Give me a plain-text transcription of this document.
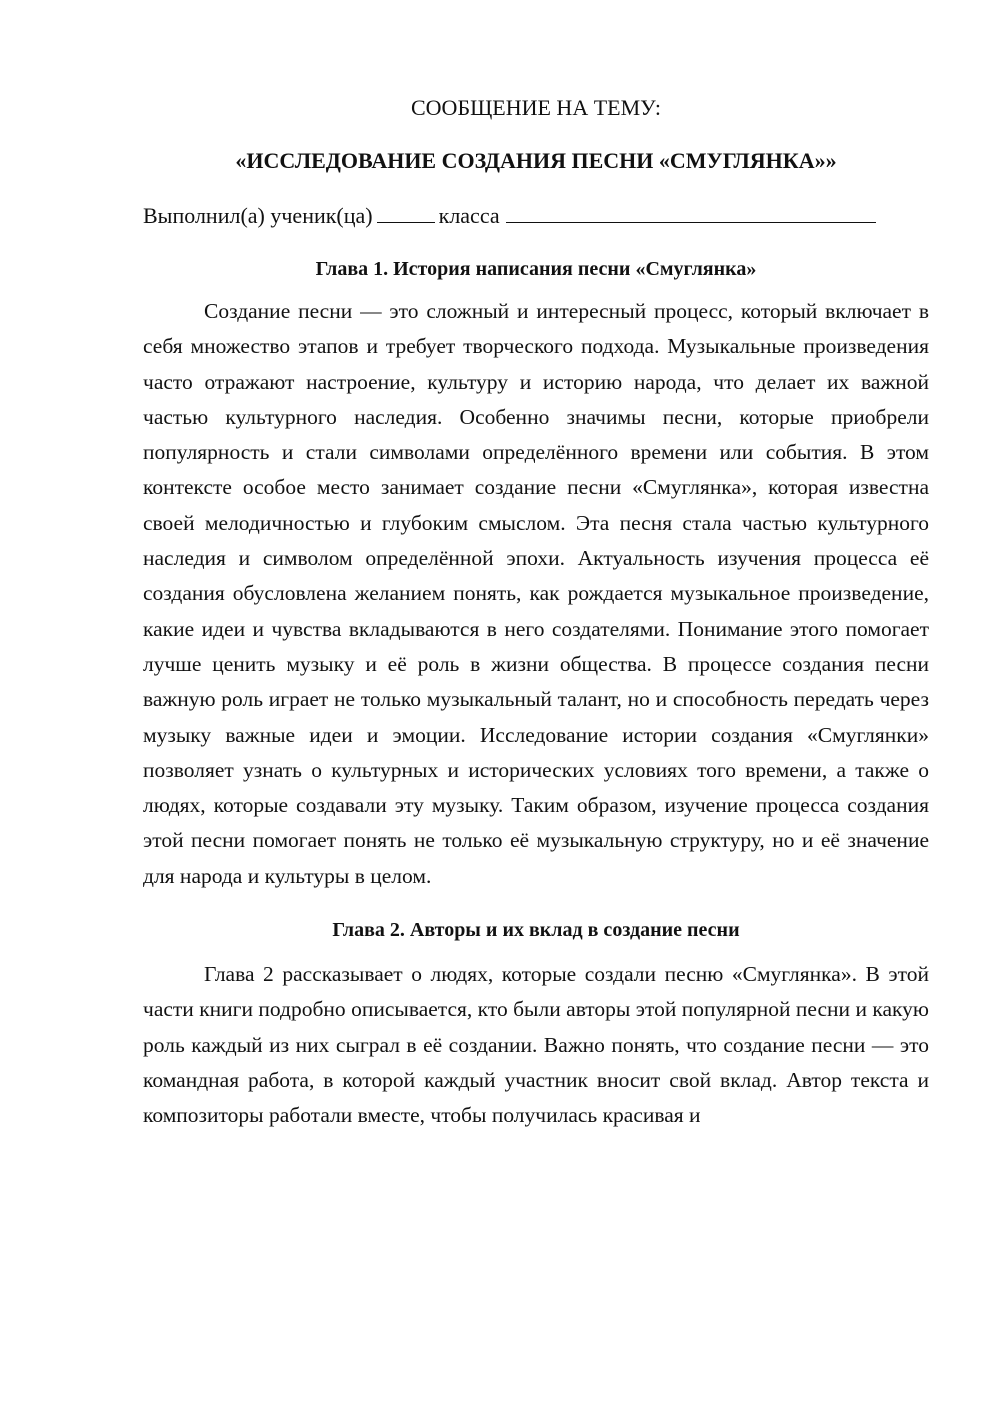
СООБЩЕНИЕ НА ТЕМУ:

«ИССЛЕДОВАНИЕ СОЗДАНИЯ ПЕСНИ «СМУГЛЯНКА»»

Выполнил(а) ученик(ца)	класса

Глава 1. История написания песни «Смуглянка»

Создание песни — это сложный и интересный процесс, который включает в себя множество этапов и требует творческого подхода. Музыкальные произведения часто отражают настроение, культуру и историю народа, что делает их важной частью культурного наследия. Особенно значимы песни, которые приобрели популярность и стали символами определённого времени или события. В этом контексте особое место занимает создание песни «Смуглянка», которая известна своей мелодичностью и глубоким смыслом. Эта песня стала частью культурного наследия и символом определённой эпохи. Актуальность изучения процесса её создания обусловлена желанием понять, как рождается музыкальное произведение, какие идеи и чувства вкладываются в него создателями. Понимание этого помогает лучше ценить музыку и её роль в жизни общества. В процессе создания песни важную роль играет не только музыкальный талант, но и способность передать через музыку важные идеи и эмоции. Исследование истории создания «Смуглянки» позволяет узнать о культурных и исторических условиях того времени, а также о людях, которые создавали эту музыку. Таким образом, изучение процесса создания этой песни помогает понять не только её музыкальную структуру, но и её значение для народа и культуры в целом.

Глава 2. Авторы и их вклад в создание песни

Глава 2 рассказывает о людях, которые создали песню «Смуглянка». В этой части книги подробно описывается, кто были авторы этой популярной песни и какую роль каждый из них сыграл в её создании. Важно понять, что создание песни — это командная работа, в которой каждый участник вносит свой вклад. Автор текста и композиторы работали вместе, чтобы получилась красивая и
